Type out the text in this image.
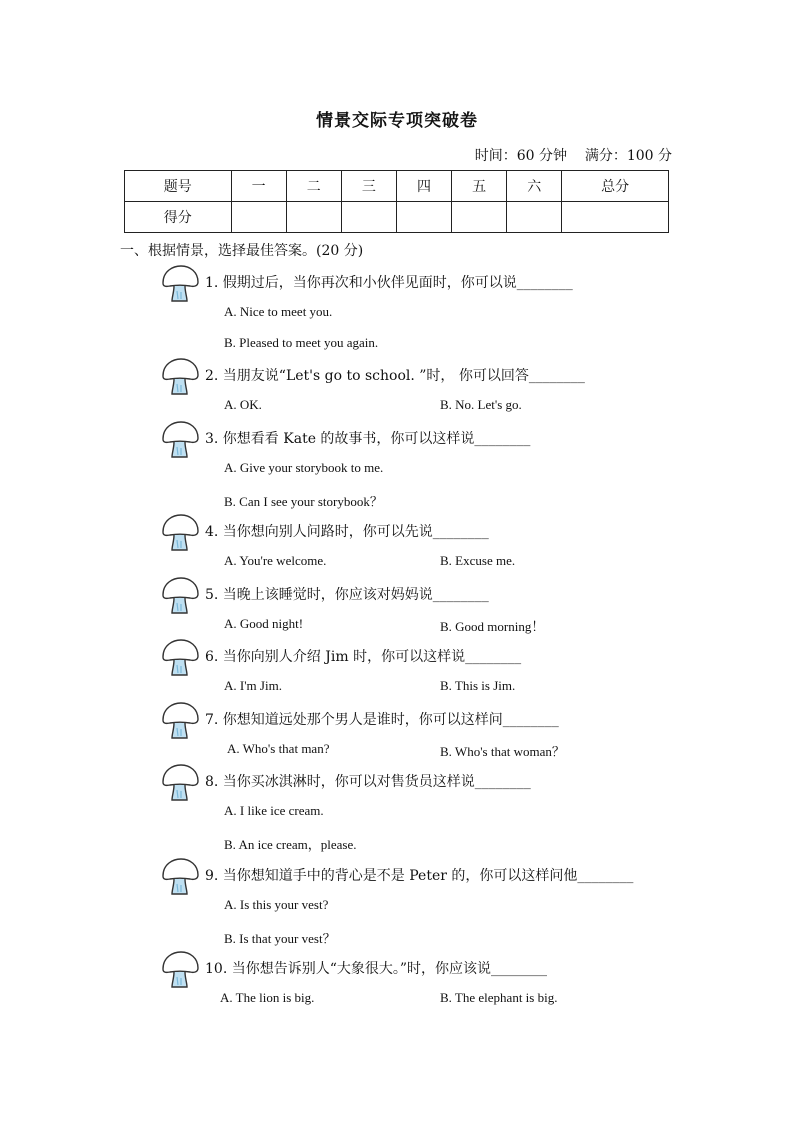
情景交际专项突破卷
时间：60 分钟    满分：100 分
题号	一	二	三	四	五	六	总分
得分							
一、根据情景，选择最佳答案。(20 分)
1. 假期过后，当你再次和小伙伴见面时，你可以说________
A. Nice to meet you.
B. Pleased to meet you again.
2. 当朋友说“Let's go to school. ”时， 你可以回答________
A. OK.	B. No. Let's go.
3. 你想看看 Kate 的故事书，你可以这样说________
A. Give your storybook to me.
B. Can I see your storybook？
4. 当你想向别人问路时，你可以先说________
A. You're welcome.	B. Excuse me.
5. 当晚上该睡觉时，你应该对妈妈说________
A. Good night!	B. Good morning！
6. 当你向别人介绍 Jim 时，你可以这样说________
A. I'm Jim.	B. This is Jim.
7. 你想知道远处那个男人是谁时，你可以这样问________
A. Who's that man?	B. Who's that woman？
8. 当你买冰淇淋时，你可以对售货员这样说________
A. I like ice cream.
B. An ice cream，please.
9. 当你想知道手中的背心是不是 Peter 的，你可以这样问他________
A. Is this your vest?
B. Is that your vest？
10. 当你想告诉别人“大象很大。”时，你应该说________
A. The lion is big.	B. The elephant is big.
